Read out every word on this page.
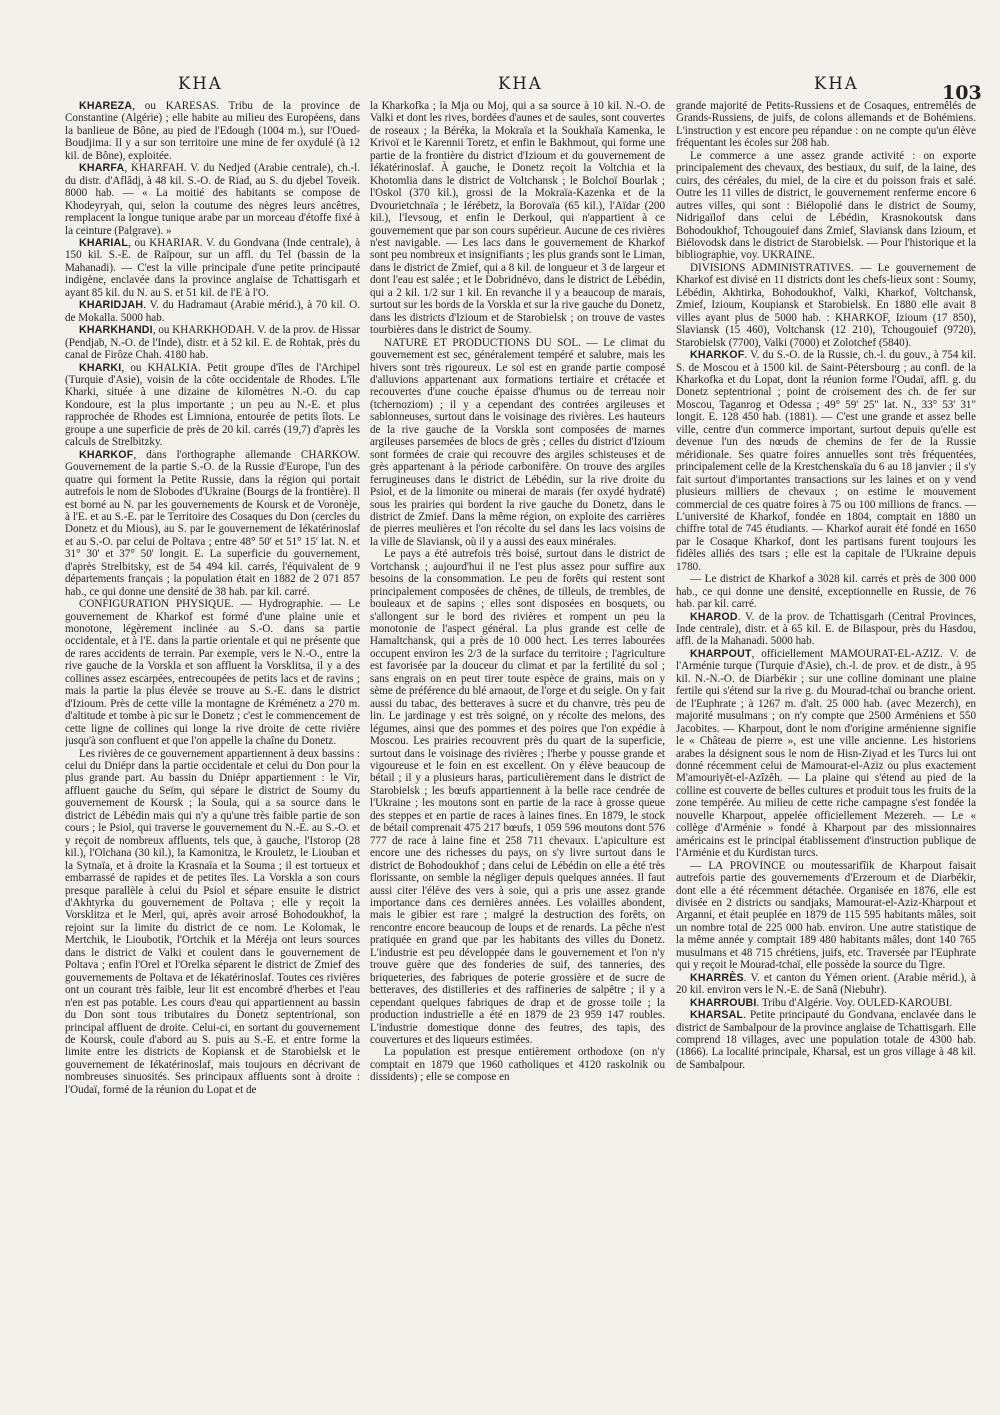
KHA	KHA	KHA	103

KHAREZA, ou KARESAS. Tribu de la province de Constantine (Algérie) ; elle habite au milieu des Européens, dans la banlieue de Bône, au pied de l'Edough (1004 m.), sur l'Oued-Boudjima. Il y a sur son territoire une mine de fer oxydulé (à 12 kil. de Bône), exploitée.

KHARFA, KHARFAH. V. du Nedjed (Arabie centrale), ch.-l. du distr. d'Aflâdj, à 48 kil. S.-O. de Riad, au S. du djebel Toveik. 8000 hab. — « La moitié des habitants se compose de Khodeyryah, qui, selon la coutume des nègres leurs ancêtres, remplacent la longue tunique arabe par un morceau d'étoffe fixé à la ceinture (Palgrave). »

KHARIAL, ou KHARIAR. V. du Gondvana (Inde centrale), à 150 kil. S.-E. de Raïpour, sur un affl. du Tel (bassin de la Mahanadi). — C'est la ville principale d'une petite principauté indigène, enclavée dans la province anglaise de Tchattisgarh et ayant 85 kil. du N. au S. et 51 kil. de l'E à l'O.

KHARIDJAH. V. du Hadramaut (Arabie mérid.), à 70 kil. O. de Mokalla. 5000 hab.

KHARKHANDI, ou KHARKHODAH. V. de la prov. de Hissar (Pendjab, N.-O. de l'Inde), distr. et à 52 kil. E. de Rohtak, près du canal de Firôze Chah. 4180 hab.

KHARKI, ou KHALKIA. Petit groupe d'îles de l'Archipel (Turquie d'Asie), voisin de la côte occidentale de Rhodes. L'île Kharki, située à une dizaine de kilomètres N.-O. du cap Kondoure, est la plus importante ; un peu au N.-E. et plus rapprochée de Rhodes est Limniona, entourée de petits îlots. Le groupe a une superficie de près de 20 kil. carrés (19,7) d'après les calculs de Strelbitzky.

KHARKOF, dans l'orthographe allemande CHARKOW. Gouvernement de la partie S.-O. de la Russie d'Europe, l'un des quatre qui forment la Petite Russie, dans la région qui portait autrefois le nom de Slobodes d'Ukraine (Bourgs de la frontière). Il est borné au N. par les gouvernements de Koursk et de Voronèje, à l'E. et au S.-E. par le Territoire des Cosaques du Don (cercles du Donetz et du Mious), au S. par le gouvernement de Iékatérinoslaf et au S.-O. par celui de Poltava ; entre 48° 50' et 51° 15' lat. N. et 31° 30' et 37° 50' longit. E. La superficie du gouvernement, d'après Strelbitsky, est de 54 494 kil. carrés, l'équivalent de 9 départements français ; la population était en 1882 de 2 071 857 hab., ce qui donne une densité de 38 hab. par kil. carré.

CONFIGURATION PHYSIQUE. — Hydrographie. — Le gouvernement de Kharkof est formé d'une plaine unie et monotone, légèrement inclinée au S.-O. dans sa partie occidentale, et à l'E. dans la partie orientale et qui ne présente que de rares accidents de terrain. Par exemple, vers le N.-O., entre la rive gauche de la Vorskla et son affluent la Vorsklitsa, il y a des collines assez escarpées, entrecoupées de petits lacs et de ravins ; mais la partie la plus élevée se trouve au S.-E. dans le district d'Izioum. Près de cette ville la montagne de Kréménetz a 270 m. d'altitude et tombe à pic sur le Donetz ; c'est le commencement de cette ligne de collines qui longe la rive droite de cette rivière jusqu'à son confluent et que l'on appelle la chaîne du Donetz.

Les rivières de ce gouvernement appartiennent à deux bassins : celui du Dniépr dans la partie occidentale et celui du Don pour la plus grande part. Au bassin du Dniépr appartiennent : le Vir, affluent gauche du Seïm, qui sépare le district de Soumy du gouvernement de Koursk ; la Soula, qui a sa source dans le district de Lébédin mais qui n'y a qu'une très faible partie de son cours ; le Psiol, qui traverse le gouvernement du N.-E. au S.-O. et y reçoit de nombreux affluents, tels que, à gauche, l'Istorop (28 kil.), l'Olchana (30 kil.), la Kamonitza, le Krouletz, le Liouban et la Sytnaïa, et à droite la Krasnaïa et la Souma ; il est tortueux et embarrassé de rapides et de petites îles. La Vorskla a son cours presque parallèle à celui du Psiol et sépare ensuite le district d'Akhtyrka du gouvernement de Poltava ; elle y reçoit la Vorsklitza et le Merl, qui, après avoir arrosé Bohodoukhof, la rejoint sur la limite du district de ce nom. Le Kolomak, le Mertchik, le Lioubotik, l'Ortchik et la Méréja ont leurs sources dans le district de Valki et coulent dans le gouvernement de Poltava ; enfin l'Orel et l'Orelka séparent le district de Zmief des gouvernements de Poltava et de Iékatérinoslaf. Toutes ces rivières ont un courant très faible, leur lit est encombré d'herbes et l'eau n'en est pas potable. Les cours d'eau qui appartiennent au bassin du Don sont tous tributaires du Donetz septentrional, son principal affluent de droite. Celui-ci, en sortant du gouvernement de Koursk, coule d'abord au S. puis au S.-E. et entre forme la limite entre les districts de Kopiansk et de Starobielsk et le gouvernement de Iékatérinoslaf, mais toujours en décrivant de nombreuses sinuosités. Ses principaux affluents sont à droite : l'Oudaï, formé de la réunion du Lopat et de

la Kharkofka ; la Mja ou Moj, qui a sa source à 10 kil. N.-O. de Valki et dont les rives, bordées d'aunes et de saules, sont couvertes de roseaux ; la Béréka, la Mokraïa et la Soukhaïa Kamenka, le Krivoï et le Karennii Toretz, et enfin le Bakhmout, qui forme une partie de la frontière du district d'Izioum et du gouvernement de Iékatérinoslaf. À gauche, le Donetz reçoit la Voltchia et la Khotomlia dans le district de Voltchansk ; le Bolchoï Bourlak ; l'Oskol (370 kil.), grossi de la Mokraïa-Kazenka et de la Dvourietchnaïa ; le Iérébetz, la Borovaïa (65 kil.), l'Aïdar (200 kil.), l'Ievsoug, et enfin le Derkoul, qui n'appartient à ce gouvernement que par son cours supérieur. Aucune de ces rivières n'est navigable. — Les lacs dans le gouvernement de Kharkof sont peu nombreux et insignifiants ; les plus grands sont le Liman, dans le district de Zmief, qui a 8 kil. de longueur et 3 de largeur et dont l'eau est salée ; et le Dobridnévo, dans le district de Lébédin, qui a 2 kil. 1/2 sur 1 kil. En revanche il y a beaucoup de marais, surtout sur les bords de la Vorskla et sur la rive gauche du Donetz, dans les districts d'Izioum et de Starobielsk ; on trouve de vastes tourbières dans le district de Soumy.

NATURE ET PRODUCTIONS DU SOL. — Le climat du gouvernement est sec, généralement tempéré et salubre, mais les hivers sont très rigoureux. Le sol est en grande partie composé d'alluvions appartenant aux formations tertiaire et crétacée et recouvertes d'une couche épaisse d'humus ou de terreau noir (tchernoziom) ; il y a cependant des contrées argileuses et sablonneuses, surtout dans le voisinage des rivières. Les hauteurs de la rive gauche de la Vorskla sont composées de marnes argileuses parsemées de blocs de grès ; celles du district d'Izioum sont formées de craie qui recouvre des argiles schisteuses et de grès appartenant à la période carbonifère. On trouve des argiles ferrugineuses dans le district de Lébédin, sur la rive droite du Psiol, et de la limonite ou minerai de marais (fer oxydé hydraté) sous les prairies qui bordent la rive gauche du Donetz, dans le district de Zmief. Dans la même région, on exploite des carrières de pierres meulières et l'on récolte du sel dans les lacs voisins de la ville de Slaviansk, où il y a aussi des eaux minérales.

Le pays a été autrefois très boisé, surtout dans le district de Vortchansk ; aujourd'hui il ne l'est plus assez pour suffire aux besoins de la consommation. Le peu de forêts qui restent sont principalement composées de chênes, de tilleuls, de trembles, de bouleaux et de sapins ; elles sont disposées en bosquets, ou s'allongent sur le bord des rivières et rompent un peu la monotonie de l'aspect général. La plus grande est celle de Hamaltchansk, qui a près de 10 000 hect. Les terres labourées occupent environ les 2/3 de la surface du territoire ; l'agriculture est favorisée par la douceur du climat et par la fertilité du sol ; sans engrais on en peut tirer toute espèce de grains, mais on y sème de préférence du blé arnaout, de l'orge et du seigle. On y fait aussi du tabac, des betteraves à sucre et du chanvre, très peu de lin. Le jardinage y est très soigné, on y récolte des melons, des légumes, ainsi que des pommes et des poires que l'on expédie à Moscou. Les prairies recouvrent près du quart de la superficie, surtout dans le voisinage des rivières ; l'herbe y pousse grande et vigoureuse et le foin en est excellent. On y élève beaucoup de bétail ; il y a plusieurs haras, particulièrement dans le district de Starobielsk ; les bœufs appartiennent à la belle race cendrée de l'Ukraine ; les moutons sont en partie de la race à grosse queue des steppes et en partie de races à laines fines. En 1879, le stock de bétail comprenait 475 217 bœufs, 1 059 596 moutons dont 576 777 de race à laine fine et 258 711 chevaux. L'apiculture est encore une des richesses du pays, on s'y livre surtout dans le district de Bohodoukhof ; dans celui de Lébédin on elle a été très florissante, on semble la négliger depuis quelques années. Il faut aussi citer l'élève des vers à soie, qui a pris une assez grande importance dans ces dernières années. Les volailles abondent, mais le gibier est rare ; malgré la destruction des forêts, on rencontre encore beaucoup de loups et de renards. La pêche n'est pratiquée en grand que par les habitants des villes du Donetz. L'industrie est peu développée dans le gouvernement et l'on n'y trouve guère que des fonderies de suif, des tanneries, des briqueteries, des fabriques de poterie grossière et de sucre de betteraves, des distilleries et des raffineries de salpêtre ; il y a cependant quelques fabriques de drap et de grosse toile ; la production industrielle a été en 1879 de 23 959 147 roubles. L'industrie domestique donne des feutres, des tapis, des couvertures et des liqueurs estimées.

La population est presque entièrement orthodoxe (on n'y comptait en 1879 que 1960 catholiques et 4120 raskolnik ou dissidents) ; elle se compose en

grande majorité de Petits-Russiens et de Cosaques, entremêlés de Grands-Russiens, de juifs, de colons allemands et de Bohémiens. L'instruction y est encore peu répandue : on ne compte qu'un élève fréquentant les écoles sur 208 hab.

Le commerce a une assez grande activité : on exporte principalement des chevaux, des bestiaux, du suif, de la laine, des cuirs, des céréales, du miel, de la cire et du poisson frais et salé. Outre les 11 villes de district, le gouvernement renferme encore 6 autres villes, qui sont : Biélopolié dans le district de Soumy, Nidrigaïlof dans celui de Lébédin, Krasnokoutsk dans Bohodoukhof, Tchougouief dans Zmief, Slaviansk dans Izioum, et Biélovodsk dans le district de Starobielsk. — Pour l'historique et la bibliographie, voy. UKRAINE.

DIVISIONS ADMINISTRATIVES. — Le gouvernement de Kharkof est divisé en 11 districts dont les chefs-lieux sont : Soumy, Lébédin, Akhtirka, Bohodoukhof, Valki, Kharkof, Voltchansk, Zmief, Izioum, Koupiansk et Starobielsk. En 1880 elle avait 8 villes ayant plus de 5000 hab. : KHARKOF, Izioum (17 850), Slaviansk (15 460), Voltchansk (12 210), Tchougouief (9720), Starobielsk (7700), Valki (7000) et Zolotchef (5840).

KHARKOF. V. du S.-O. de la Russie, ch.-l. du gouv., à 754 kil. S. de Moscou et à 1500 kil. de Saint-Pétersbourg ; au confl. de la Kharkofka et du Lopat, dont la réunion forme l'Oudaï, affl. g. du Donetz septentrional ; point de croisement des ch. de fer sur Moscou, Taganrog et Odessa ; 49° 59' 25" lat. N., 33° 53' 31" longit. E. 128 450 hab. (1881). — C'est une grande et assez belle ville, centre d'un commerce important, surtout depuis qu'elle est devenue l'un des nœuds de chemins de fer de la Russie méridionale. Ses quatre foires annuelles sont très fréquentées, principalement celle de la Krestchenskaïa du 6 au 18 janvier ; il s'y fait surtout d'importantes transactions sur les laines et on y vend plusieurs milliers de chevaux ; on estime le mouvement commercial de ces quatre foires à 75 ou 100 millions de francs. — L'université de Kharkof, fondée en 1804, comptait en 1880 un chiffre total de 745 étudiants. — Kharkof aurait été fondé en 1650 par le Cosaque Kharkof, dont les partisans furent toujours les fidèles alliés des tsars ; elle est la capitale de l'Ukraine depuis 1780.

— Le district de Kharkof a 3028 kil. carrés et près de 300 000 hab., ce qui donne une densité, exceptionnelle en Russie, de 76 hab. par kil. carré.

KHAROD. V. de la prov. de Tchattisgarh (Central Provinces, Inde centrale), distr. et à 65 kil. E. de Bilaspour, près du Hasdou, affl. de la Mahanadi. 5000 hab.

KHARPOUT, officiellement MAMOURAT-EL-AZIZ. V. de l'Arménie turque (Turquie d'Asie), ch.-l. de prov. et de distr., à 95 kil. N.-N.-O. de Diarbékir ; sur une colline dominant une plaine fertile qui s'étend sur la rive g. du Mourad-tchaï ou branche orient. de l'Euphrate ; à 1267 m. d'alt. 25 000 hab. (avec Mezerch), en majorité musulmans ; on n'y compte que 2500 Arméniens et 550 Jacobites. — Kharpout, dont le nom d'origine arménienne signifie le « Château de pierre », est une ville ancienne. Les historiens arabes la désignent sous le nom de Hisn-Ziyad et les Turcs lui ont donné récemment celui de Mamourat-el-Aziz ou plus exactement M'amouriyêt-el-Azîzêh. — La plaine qui s'étend au pied de la colline est couverte de belles cultures et produit tous les fruits de la zone tempérée. Au milieu de cette riche campagne s'est fondée la nouvelle Kharpout, appelée officiellement Mezereh. — Le « collège d'Arménie » fondé à Kharpout par des missionnaires américains est le principal établissement d'instruction publique de l'Arménie et du Kurdistan turcs.

— LA PROVINCE ou moutessarifîik de Kharpout faisait autrefois partie des gouvernements d'Erzeroum et de Diarbékir, dont elle a été récemment détachée. Organisée en 1876, elle est divisée en 2 districts ou sandjaks, Mamourat-el-Aziz-Kharpout et Arganni, et était peuplée en 1879 de 115 595 habitants mâles, soit un nombre total de 225 000 hab. environ. Une autre statistique de la même année y comptait 189 480 habitants mâles, dont 140 765 musulmans et 48 715 chrétiens, juifs, etc. Traversée par l'Euphrate qui y reçoit le Mourad-tchaï, elle possède la source du Tigre.

KHARRÈS. V. et canton du Yémen orient. (Arabie mérid.), à 20 kil. environ vers le N.-E. de Sanâ (Niebuhr).

KHARROUBI. Tribu d'Algérie. Voy. OULED-KAROUBI.

KHARSAL. Petite principauté du Gondvana, enclavée dans le district de Sambalpour de la province anglaise de Tchattisgarh. Elle comprend 18 villages, avec une population totale de 4300 hab. (1866). La localité principale, Kharsal, est un gros village à 48 kil. de Sambalpour.
